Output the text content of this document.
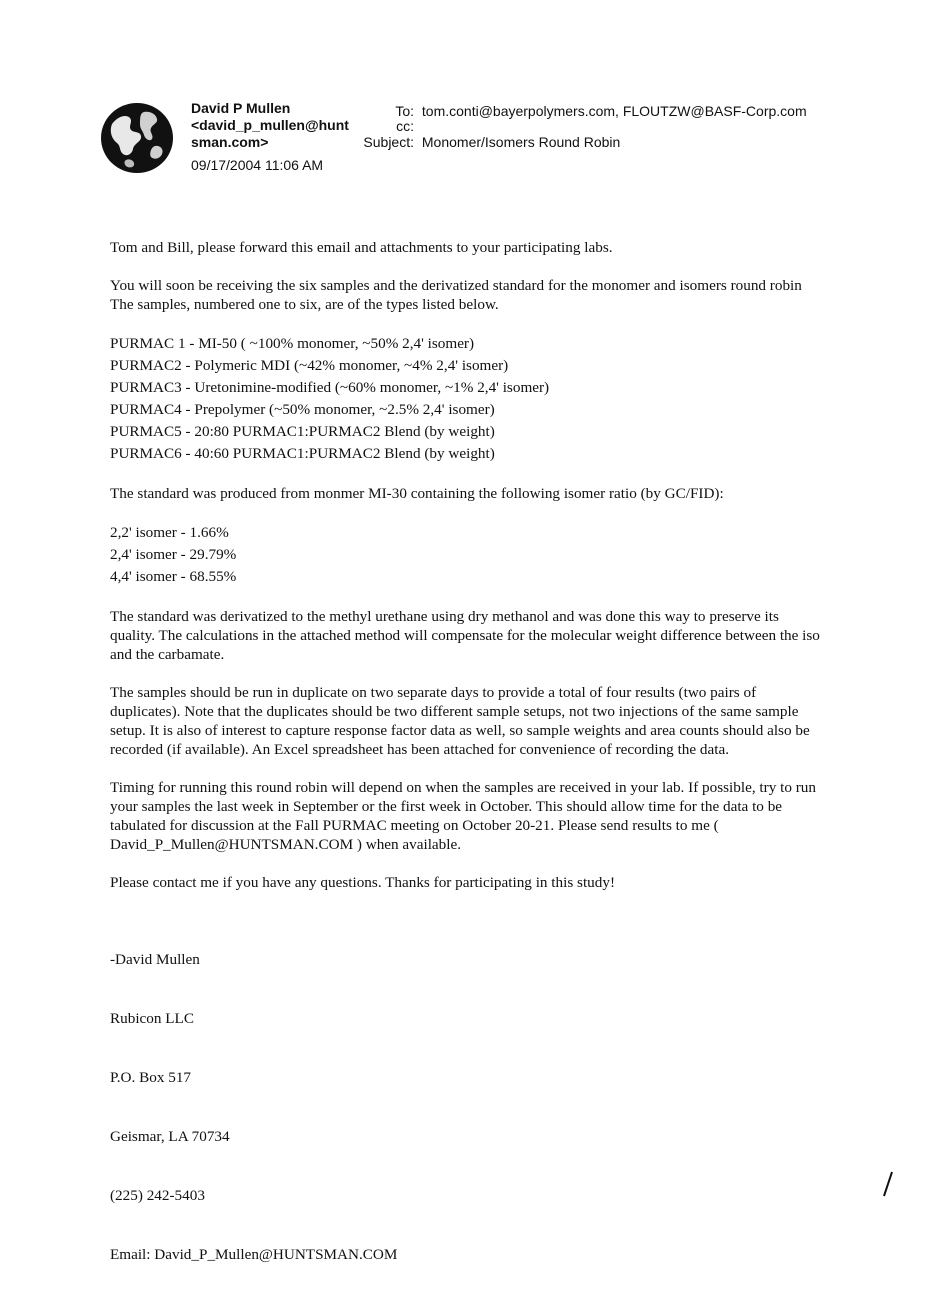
David P Mullen
<david_p_mullen@hunt
sman.com>
09/17/2004 11:06 AM
To: tom.conti@bayerpolymers.com, FLOUTZW@BASF-Corp.com
cc:
Subject: Monomer/Isomers Round Robin

Tom and Bill, please forward this email and attachments to your participating labs.

You will soon be receiving the six samples and the derivatized standard for the monomer and isomers round robin
The samples, numbered one to six, are of the types listed below.
PURMAC 1 - MI-50 ( ~100% monomer, ~50% 2,4' isomer)
PURMAC2 - Polymeric MDI (~42% monomer, ~4% 2,4' isomer)
PURMAC3 - Uretonimine-modified (~60% monomer, ~1% 2,4' isomer)
PURMAC4 - Prepolymer (~50% monomer, ~2.5% 2,4' isomer)
PURMAC5 - 20:80 PURMAC1:PURMAC2 Blend (by weight)
PURMAC6 - 40:60 PURMAC1:PURMAC2 Blend (by weight)

The standard was produced from monmer MI-30 containing the following isomer ratio (by GC/FID):

2,2' isomer - 1.66%
2,4' isomer - 29.79%
4,4' isomer - 68.55%
The standard was derivatized to the methyl urethane using dry methanol and was done this way to preserve its
quality. The calculations in the attached method will compensate for the molecular weight difference between the iso
and the carbamate.
The samples should be run in duplicate on two separate days to provide a total of four results (two pairs of
duplicates). Note that the duplicates should be two different sample setups, not two injections of the same sample
setup. It is also of interest to capture response factor data as well, so sample weights and area counts should also be
recorded (if available). An Excel spreadsheet has been attached for convenience of recording the data.
Timing for running this round robin will depend on when the samples are received in your lab. If possible, try to run
your samples the last week in September or the first week in October. This should allow time for the data to be
tabulated for discussion at the Fall PURMAC meeting on October 20-21. Please send results to me (
David_P_Mullen@HUNTSMAN.COM ) when available.

Please contact me if you have any questions. Thanks for participating in this study!

-David Mullen

Rubicon LLC

P.O. Box 517

Geismar, LA 70734

(225) 242-5403

Email: David_P_Mullen@HUNTSMAN.COM
